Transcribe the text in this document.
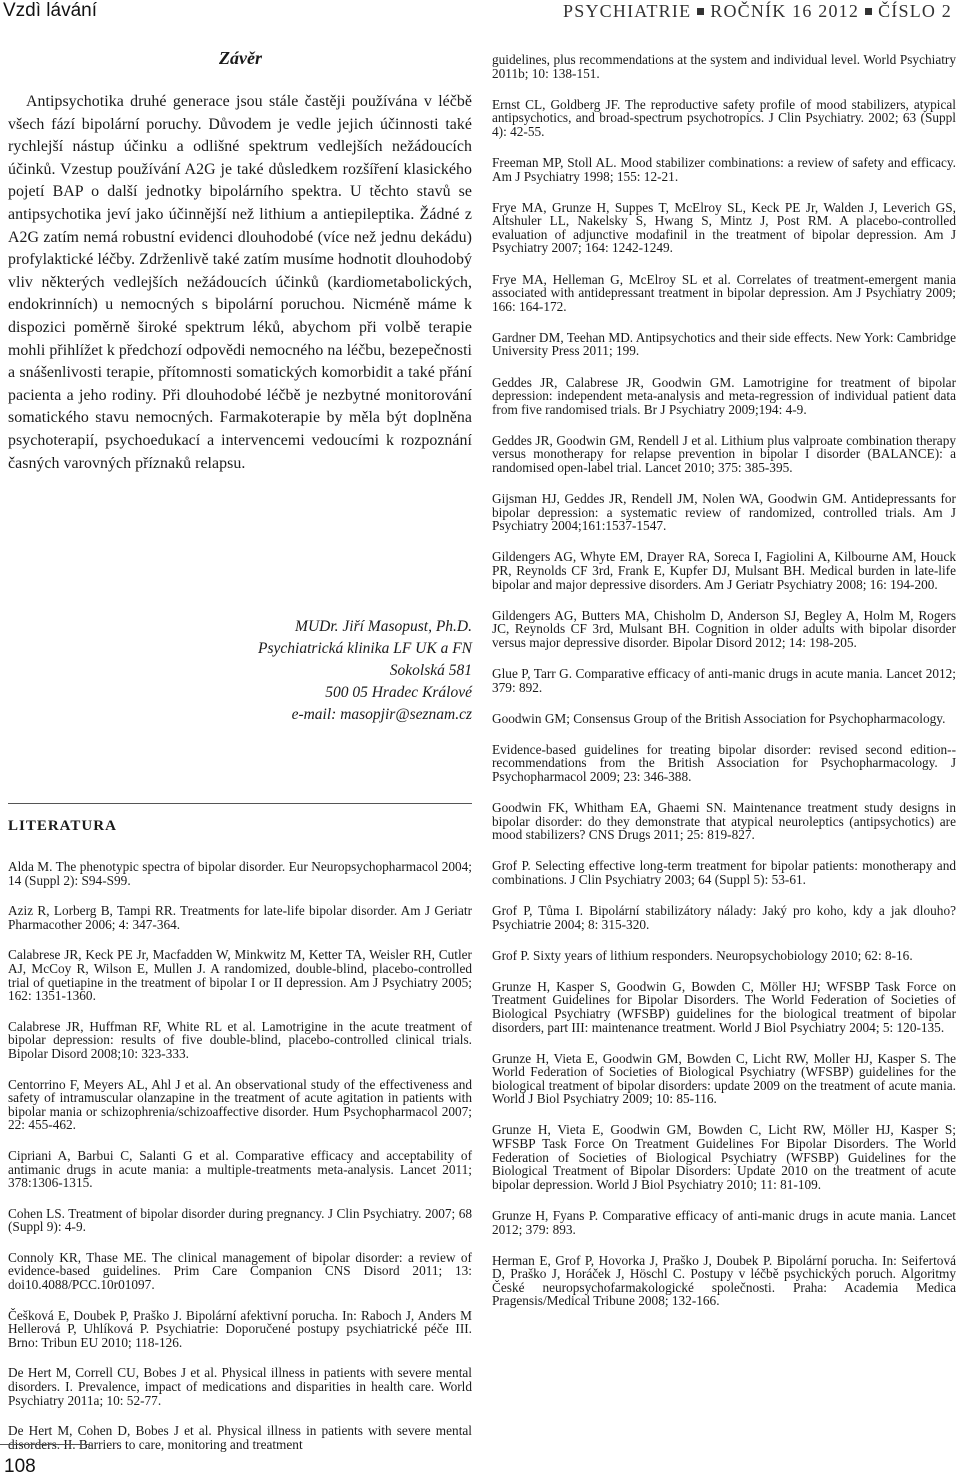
Vzdì lávání	PSYCHIATRIE ROČNÍK 16 2012 ČÍSLO 2
Závěr

Antipsychotika druhé generace jsou stále častěji používána v léčbě všech fází bipolární poruchy. Důvodem je vedle jejich účinnosti také rychlejší nástup účinku a odlišné spektrum vedlejších nežádoucích účinků. Vzestup používání A2G je také důsledkem rozšíření klasického pojetí BAP o další jednotky bipolárního spektra. U těchto stavů se antipsychotika jeví jako účinnější než lithium a antiepileptika. Žádné z A2G zatím nemá robustní evidenci dlouhodobé (více než jednu dekádu) profylaktické léčby. Zdrženlivě také zatím musíme hodnotit dlouhodobý vliv některých vedlejších nežádoucích účinků (kardiometabolických, endokrinních) u nemocných s bipolární poruchou. Nicméně máme k dispozici poměrně široké spektrum léků, abychom při volbě terapie mohli přihlížet k předchozí odpovědi nemocného na léčbu, bezepečnosti a snášenlivosti terapie, přítomnosti somatických komorbidit a také přání pacienta a jeho rodiny. Při dlouhodobé léčbě je nezbytné monitorování somatického stavu nemocných. Farmakoterapie by měla být doplněna psychoterapií, psychoedukací a intervencemi vedoucími k rozpoznání časných varovných příznaků relapsu.

MUDr. Jiří Masopust, Ph.D.
Psychiatrická klinika LF UK a FN
Sokolská 581
500 05 Hradec Králové
e-mail: masopjir@seznam.cz
LITERATURA

Alda M. The phenotypic spectra of bipolar disorder. Eur Neuropsychopharmacol 2004; 14 (Suppl 2): S94-S99.

Aziz R, Lorberg B, Tampi RR. Treatments for late-life bipolar disorder. Am J Geriatr Pharmacother 2006; 4: 347-364.

Calabrese JR, Keck PE Jr, Macfadden W, Minkwitz M, Ketter TA, Weisler RH, Cutler AJ, McCoy R, Wilson E, Mullen J. A randomized, double-blind, placebo-controlled trial of quetiapine in the treatment of bipolar I or II depression. Am J Psychiatry 2005; 162: 1351-1360.

Calabrese JR, Huffman RF, White RL et al. Lamotrigine in the acute treatment of bipolar depression: results of five double-blind, placebo-controlled clinical trials. Bipolar Disord 2008;10: 323-333.

Centorrino F, Meyers AL, Ahl J et al. An observational study of the effectiveness and safety of intramuscular olanzapine in the treatment of acute agitation in patients with bipolar mania or schizophrenia/schizoaffective disorder. Hum Psychopharmacol 2007; 22: 455-462.

Cipriani A, Barbui C, Salanti G et al. Comparative efficacy and acceptability of antimanic drugs in acute mania: a multiple-treatments meta-analysis. Lancet 2011; 378:1306-1315.

Cohen LS. Treatment of bipolar disorder during pregnancy. J Clin Psychiatry. 2007; 68 (Suppl 9): 4-9.

Connoly KR, Thase ME. The clinical management of bipolar disorder: a review of evidence-based guidelines. Prim Care Companion CNS Disord 2011; 13: doi10.4088/PCC.10r01097.

Češková E, Doubek P, Praško J. Bipolární afektivní porucha. In: Raboch J, Anders M Hellerová P, Uhlíková P. Psychiatrie: Doporučené postupy psychiatrické péče III. Brno: Tribun EU 2010; 118-126.

De Hert M, Correll CU, Bobes J et al. Physical illness in patients with severe mental disorders. I. Prevalence, impact of medications and disparities in health care. World Psychiatry 2011a; 10: 52-77.

De Hert M, Cohen D, Bobes J et al. Physical illness in patients with severe mental disorders. II. Barriers to care, monitoring and treatment

guidelines, plus recommendations at the system and individual level. World Psychiatry 2011b; 10: 138-151.

Ernst CL, Goldberg JF. The reproductive safety profile of mood stabilizers, atypical antipsychotics, and broad-spectrum psychotropics. J Clin Psychiatry. 2002; 63 (Suppl 4): 42-55.

Freeman MP, Stoll AL. Mood stabilizer combinations: a review of safety and efficacy. Am J Psychiatry 1998; 155: 12-21.

Frye MA, Grunze H, Suppes T, McElroy SL, Keck PE Jr, Walden J, Leverich GS, Altshuler LL, Nakelsky S, Hwang S, Mintz J, Post RM. A placebo-controlled evaluation of adjunctive modafinil in the treatment of bipolar depression. Am J Psychiatry 2007; 164: 1242-1249.

Frye MA, Helleman G, McElroy SL et al. Correlates of treatment-emergent mania associated with antidepressant treatment in bipolar depression. Am J Psychiatry 2009; 166: 164-172.

Gardner DM, Teehan MD. Antipsychotics and their side effects. New York: Cambridge University Press 2011; 199.

Geddes JR, Calabrese JR, Goodwin GM. Lamotrigine for treatment of bipolar depression: independent meta-analysis and meta-regression of individual patient data from five randomised trials. Br J Psychiatry 2009;194: 4-9.

Geddes JR, Goodwin GM, Rendell J et al. Lithium plus valproate combination therapy versus monotherapy for relapse prevention in bipolar I disorder (BALANCE): a randomised open-label trial. Lancet 2010; 375: 385-395.

Gijsman HJ, Geddes JR, Rendell JM, Nolen WA, Goodwin GM. Antidepressants for bipolar depression: a systematic review of randomized, controlled trials. Am J Psychiatry 2004;161:1537-1547.

Gildengers AG, Whyte EM, Drayer RA, Soreca I, Fagiolini A, Kilbourne AM, Houck PR, Reynolds CF 3rd, Frank E, Kupfer DJ, Mulsant BH. Medical burden in late-life bipolar and major depressive disorders. Am J Geriatr Psychiatry 2008; 16: 194-200.

Gildengers AG, Butters MA, Chisholm D, Anderson SJ, Begley A, Holm M, Rogers JC, Reynolds CF 3rd, Mulsant BH. Cognition in older adults with bipolar disorder versus major depressive disorder. Bipolar Disord 2012; 14: 198-205.

Glue P, Tarr G. Comparative efficacy of anti-manic drugs in acute mania. Lancet 2012; 379: 892.

Goodwin GM; Consensus Group of the British Association for Psychopharmacology.

Evidence-based guidelines for treating bipolar disorder: revised second edition--recommendations from the British Association for Psychopharmacology. J Psychopharmacol 2009; 23: 346-388.

Goodwin FK, Whitham EA, Ghaemi SN. Maintenance treatment study designs in bipolar disorder: do they demonstrate that atypical neuroleptics (antipsychotics) are mood stabilizers? CNS Drugs 2011; 25: 819-827.

Grof P. Selecting effective long-term treatment for bipolar patients: monotherapy and combinations. J Clin Psychiatry 2003; 64 (Suppl 5): 53-61.

Grof P, Tůma I. Bipolární stabilizátory nálady: Jaký pro koho, kdy a jak dlouho? Psychiatrie 2004; 8: 315-320.

Grof P. Sixty years of lithium responders. Neuropsychobiology 2010; 62: 8-16.

Grunze H, Kasper S, Goodwin G, Bowden C, Möller HJ; WFSBP Task Force on Treatment Guidelines for Bipolar Disorders. The World Federation of Societies of Biological Psychiatry (WFSBP) guidelines for the biological treatment of bipolar disorders, part III: maintenance treatment. World J Biol Psychiatry 2004; 5: 120-135.

Grunze H, Vieta E, Goodwin GM, Bowden C, Licht RW, Moller HJ, Kasper S. The World Federation of Societies of Biological Psychiatry (WFSBP) guidelines for the biological treatment of bipolar disorders: update 2009 on the treatment of acute mania. World J Biol Psychiatry 2009; 10: 85-116.

Grunze H, Vieta E, Goodwin GM, Bowden C, Licht RW, Möller HJ, Kasper S; WFSBP Task Force On Treatment Guidelines For Bipolar Disorders. The World Federation of Societies of Biological Psychiatry (WFSBP) Guidelines for the Biological Treatment of Bipolar Disorders: Update 2010 on the treatment of acute bipolar depression. World J Biol Psychiatry 2010; 11: 81-109.

Grunze H, Fyans P. Comparative efficacy of anti-manic drugs in acute mania. Lancet 2012; 379: 893.

Herman E, Grof P, Hovorka J, Praško J, Doubek P. Bipolární porucha. In: Seifertová D, Praško J, Horáček J, Höschl C. Postupy v léčbě psychických poruch. Algoritmy České neuropsychofarmakologické společnosti. Praha: Academia Medica Pragensis/Medical Tribune 2008; 132-166.

108
